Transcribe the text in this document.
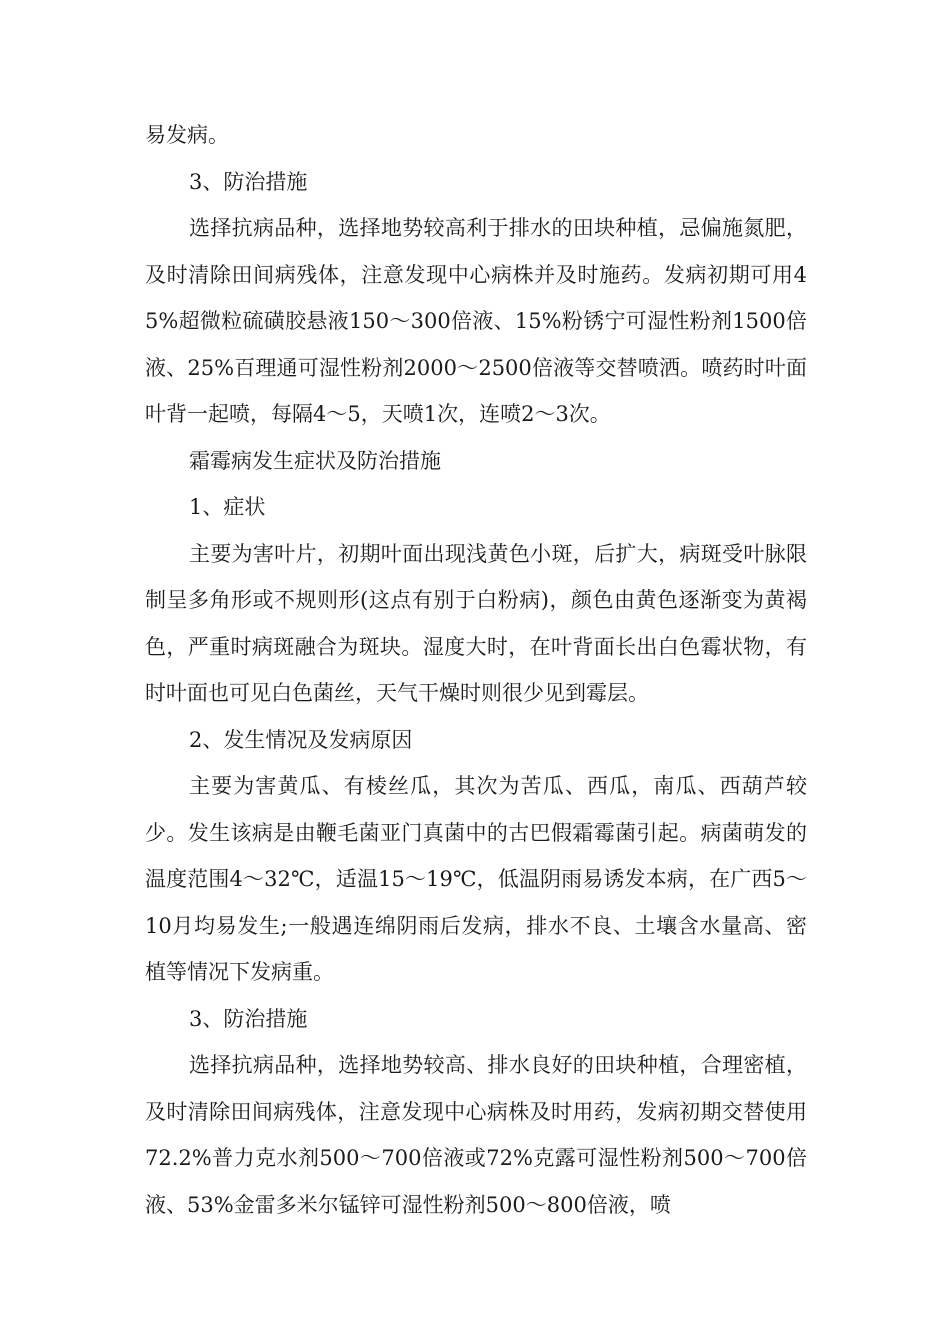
易发病。

3、防治措施

选择抗病品种，选择地势较高利于排水的田块种植，忌偏施氮肥，及时清除田间病残体，注意发现中心病株并及时施药。发病初期可用45%超微粒硫磺胶悬液150～300倍液、15%粉锈宁可湿性粉剂1500倍液、25%百理通可湿性粉剂2000～2500倍液等交替喷洒。喷药时叶面叶背一起喷，每隔4～5，天喷1次，连喷2～3次。

霜霉病发生症状及防治措施

1、症状

主要为害叶片，初期叶面出现浅黄色小斑，后扩大，病斑受叶脉限制呈多角形或不规则形(这点有别于白粉病)，颜色由黄色逐渐变为黄褐色，严重时病斑融合为斑块。湿度大时，在叶背面长出白色霉状物，有时叶面也可见白色菌丝，天气干燥时则很少见到霉层。

2、发生情况及发病原因

主要为害黄瓜、有棱丝瓜，其次为苦瓜、西瓜，南瓜、西葫芦较少。发生该病是由鞭毛菌亚门真菌中的古巴假霜霉菌引起。病菌萌发的温度范围4～32℃，适温15～19℃，低温阴雨易诱发本病，在广西5～10月均易发生;一般遇连绵阴雨后发病，排水不良、土壤含水量高、密植等情况下发病重。

3、防治措施

选择抗病品种，选择地势较高、排水良好的田块种植，合理密植，及时清除田间病残体，注意发现中心病株及时用药，发病初期交替使用72.2%普力克水剂500～700倍液或72%克露可湿性粉剂500～700倍液、53%金雷多米尔锰锌可湿性粉剂500～800倍液，喷
